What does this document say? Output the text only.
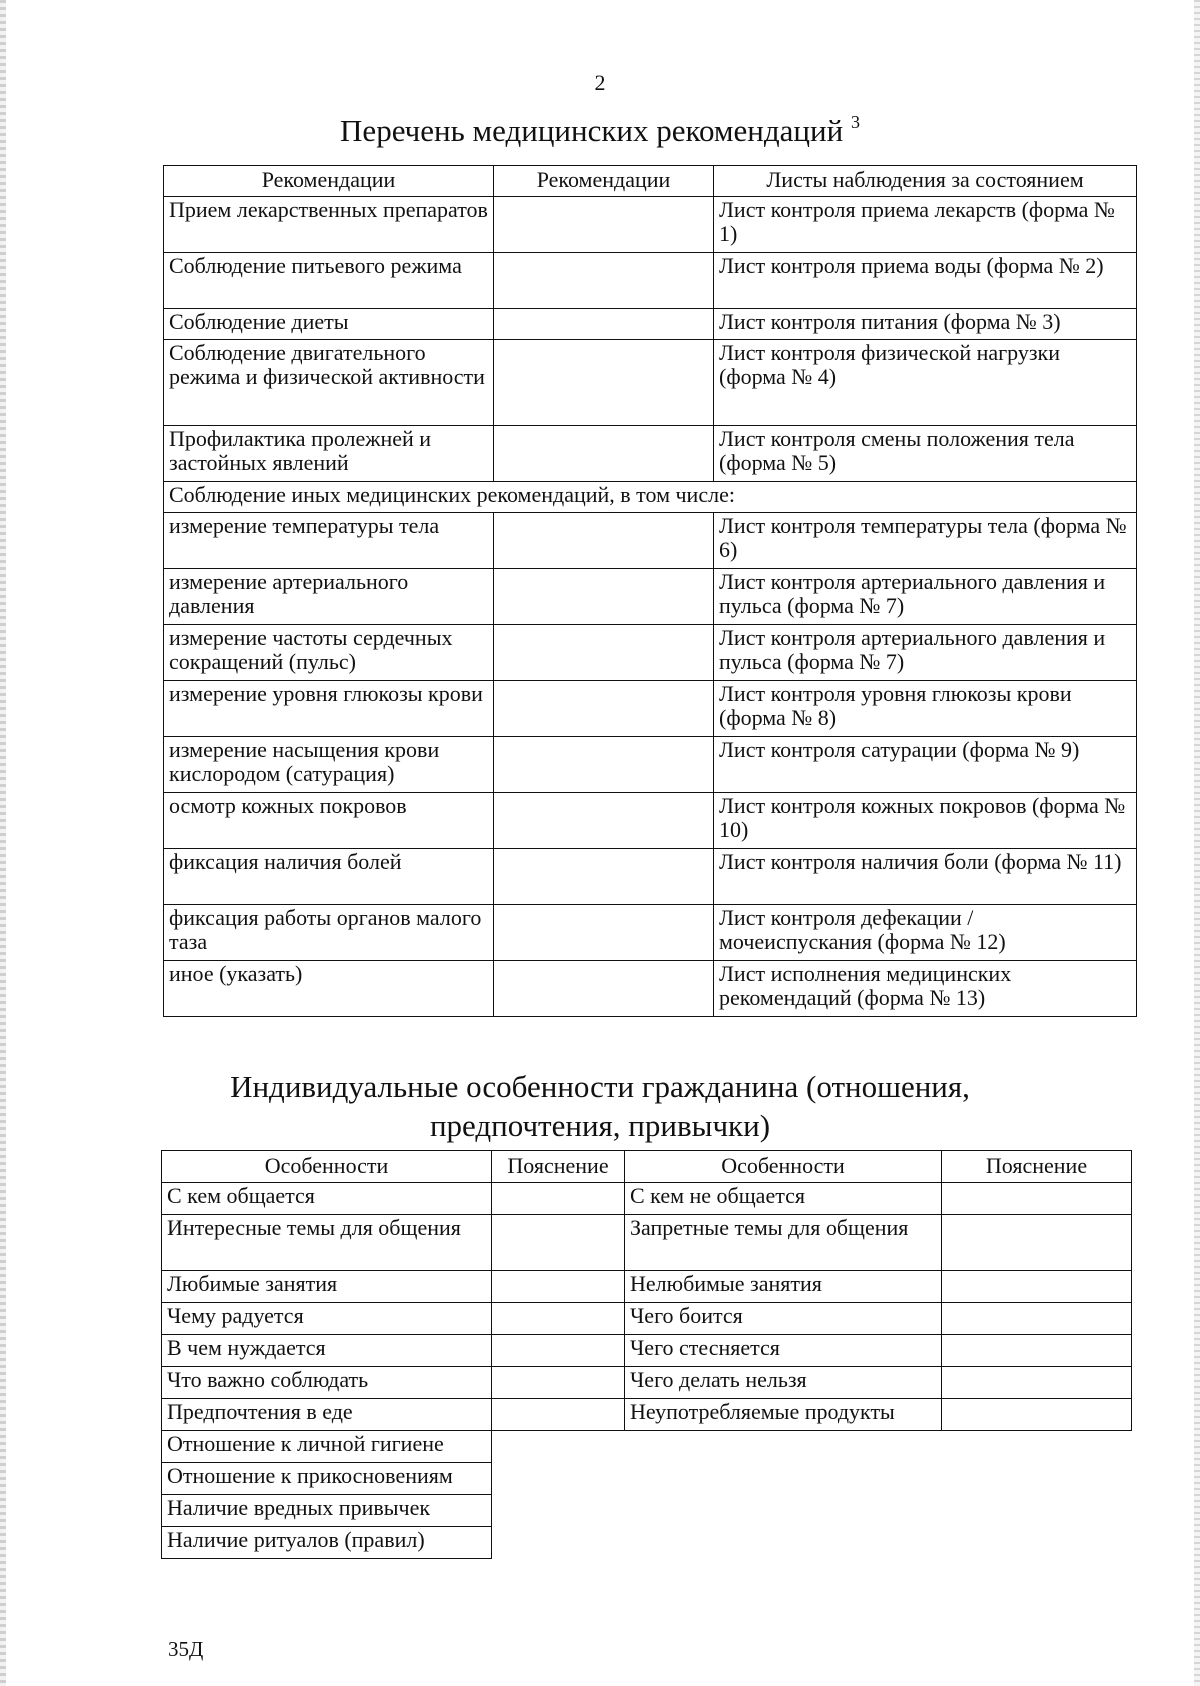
2
Перечень медицинских рекомендаций $^3$
Рекомендации	Рекомендации	Листы наблюдения за состоянием
Прием лекарственных препаратов		Лист контроля приема лекарств (форма № 1)
Соблюдение питьевого режима		Лист контроля приема воды (форма № 2)
Соблюдение диеты		Лист контроля питания (форма № 3)
Соблюдение двигательного режима и физической активности		Лист контроля физической нагрузки (форма № 4)
Профилактика пролежней и застойных явлений		Лист контроля смены положения тела (форма № 5)
Соблюдение иных медицинских рекомендаций, в том числе:		
измерение температуры тела		Лист контроля температуры тела (форма № 6)
измерение артериального давления		Лист контроля артериального давления и пульса (форма № 7)
измерение частоты сердечных сокращений (пульс)		Лист контроля артериального давления и пульса (форма № 7)
измерение уровня глюкозы крови		Лист контроля уровня глюкозы крови (форма № 8)
измерение насыщения крови кислородом (сатурация)		Лист контроля сатурации (форма № 9)
осмотр кожных покровов		Лист контроля кожных покровов (форма № 10)
фиксация наличия болей		Лист контроля наличия боли (форма № 11)
фиксация работы органов малого таза		Лист контроля дефекации / мочеиспускания (форма № 12)
иное (указать)		Лист исполнения медицинских рекомендаций (форма № 13)
Индивидуальные особенности гражданина (отношения, предпочтения, привычки)
Особенности	Пояснение	Особенности	Пояснение
С кем общается		С кем не общается	
Интересные темы для общения		Запретные темы для общения	
Любимые занятия		Нелюбимые занятия	
Чему радуется		Чего боится	
В чем нуждается		Чего стесняется	
Что важно соблюдать		Чего делать нельзя	
Предпочтения в еде		Неупотребляемые продукты	
Отношение к личной гигиене			
Отношение к прикосновениям			
Наличие вредных привычек			
Наличие ритуалов (правил)			
35Д
